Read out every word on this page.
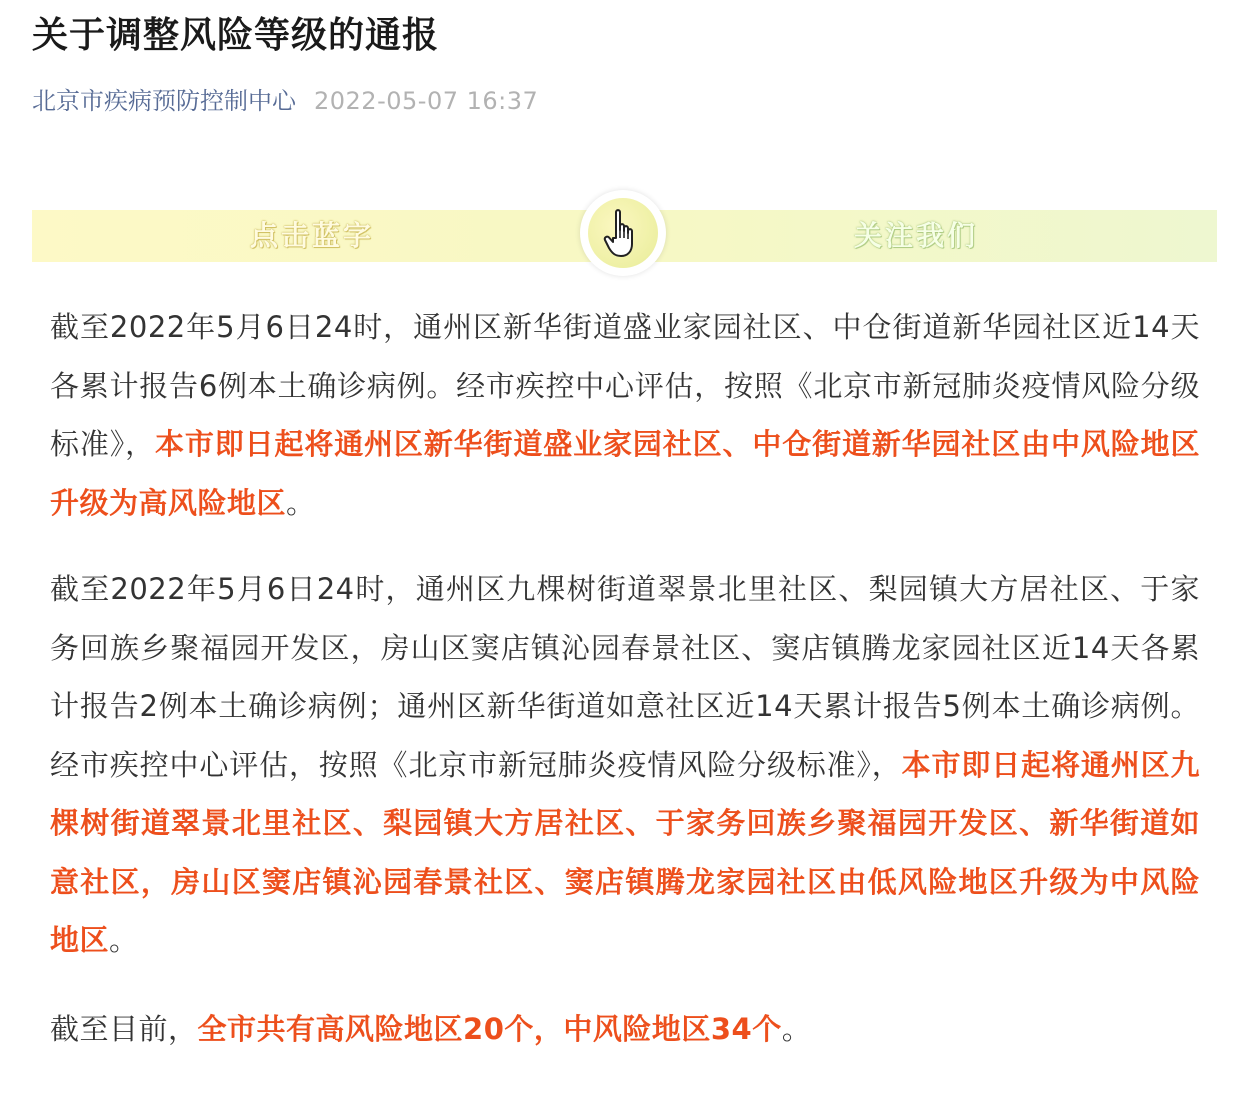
关于调整风险等级的通报
北京市疾病预防控制中心 2022-05-07 16:37
点击蓝字	关注我们
截至2022年5月6日24时，通州区新华街道盛业家园社区、中仓街道新华园社区近14天各累计报告6例本土确诊病例。经市疾控中心评估，按照《北京市新冠肺炎疫情风险分级标准》，本市即日起将通州区新华街道盛业家园社区、中仓街道新华园社区由中风险地区升级为高风险地区。
截至2022年5月6日24时，通州区九棵树街道翠景北里社区、梨园镇大方居社区、于家务回族乡聚福园开发区，房山区窦店镇沁园春景社区、窦店镇腾龙家园社区近14天各累计报告2例本土确诊病例；通州区新华街道如意社区近14天累计报告5例本土确诊病例。经市疾控中心评估，按照《北京市新冠肺炎疫情风险分级标准》，本市即日起将通州区九棵树街道翠景北里社区、梨园镇大方居社区、于家务回族乡聚福园开发区、新华街道如意社区，房山区窦店镇沁园春景社区、窦店镇腾龙家园社区由低风险地区升级为中风险地区。
截至目前，全市共有高风险地区20个，中风险地区34个。
